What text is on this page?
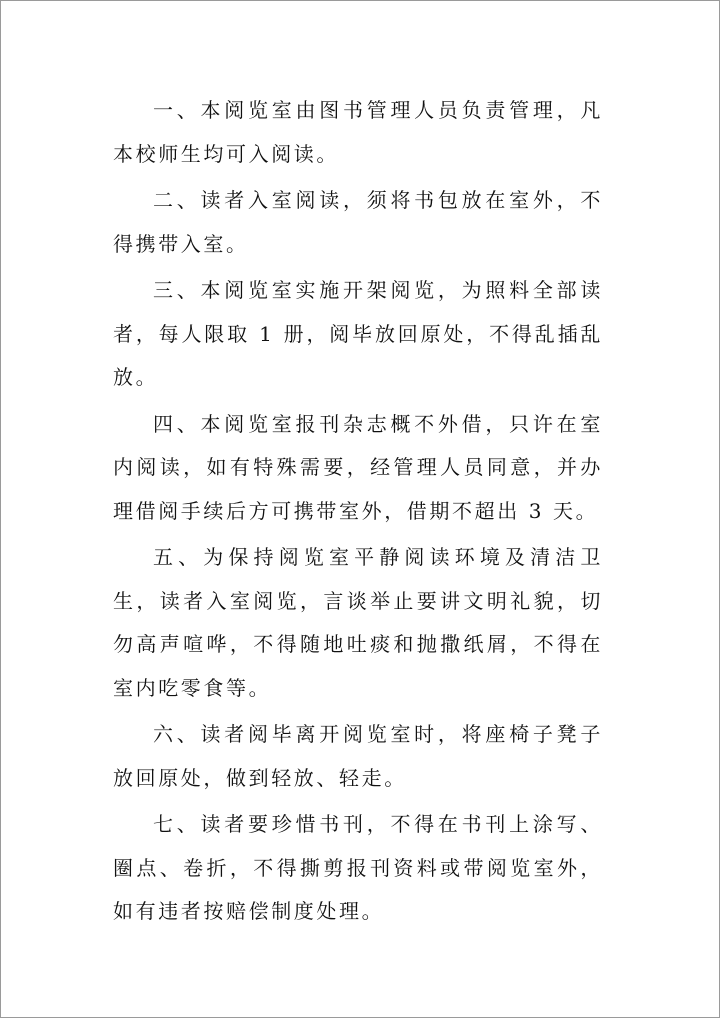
一、本阅览室由图书管理人员负责管理，凡本校师生均可入阅读。

二、读者入室阅读，须将书包放在室外，不得携带入室。

三、本阅览室实施开架阅览，为照料全部读者，每人限取 1 册，阅毕放回原处，不得乱插乱放。

四、本阅览室报刊杂志概不外借，只许在室内阅读，如有特殊需要，经管理人员同意，并办理借阅手续后方可携带室外，借期不超出 3 天。

五、为保持阅览室平静阅读环境及清洁卫生，读者入室阅览，言谈举止要讲文明礼貌，切勿高声喧哗，不得随地吐痰和抛撒纸屑，不得在室内吃零食等。

六、读者阅毕离开阅览室时，将座椅子凳子放回原处，做到轻放、轻走。

七、读者要珍惜书刊，不得在书刊上涂写、圈点、卷折，不得撕剪报刊资料或带阅览室外，如有违者按赔偿制度处理。
